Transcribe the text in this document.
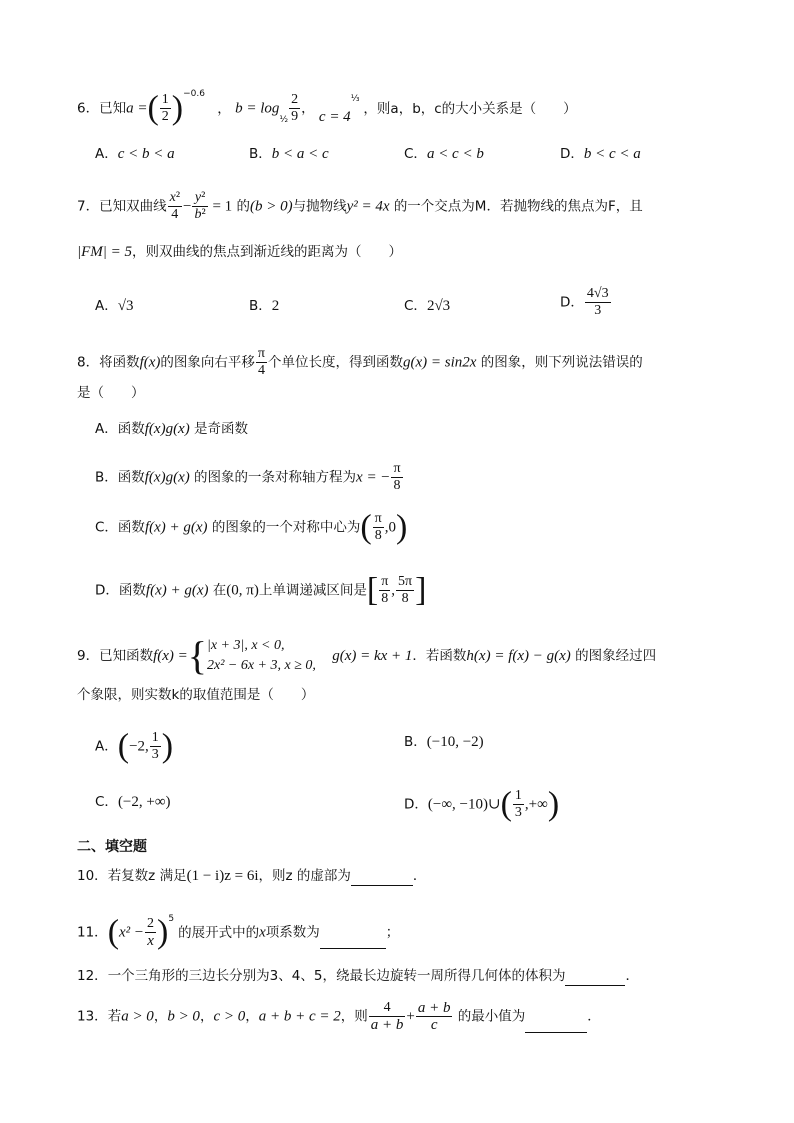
6．已知a =( $\frac{1}{2} )^{-0.6}$ ， $b = \log_{\frac{1}{2}} \frac{2}{9}$ ， $c = 4^{\frac{1}{3}}$，则a，b，c的大小关系是（　　）
A．c < b < a	B．b < a < c	C．a < c < b	D．b < c < a
7．已知双曲线 $\frac{\text{x²}}{4} - \frac{\text{y²}}{\text{b²}} = 1$ 的(b > 0)与抛物线y² = 4x 的一个交点为M．若抛物线的焦点为F，且
|FM| = 5，则双曲线的焦点到渐近线的距离为（　　）
A．√3	B．2	C．2√3	D． $\frac{4√3}{3}$
8．将函数f(x)的图象向右平移 $\frac{\pi}{4}$ 个单位长度，得到函数g(x) = sin2x 的图象，则下列说法错误的
是（　　）
A．函数f(x)g(x) 是奇函数
B．函数f(x)g(x) 的图象的一条对称轴方程为x = − $\frac{\pi}{8}$
C．函数f(x) + g(x) 的图象的一个对称中心为( $\frac{\pi}{8} ,0$)
D．函数f(x) + g(x) 在(0, π)上单调递减区间是[ $\frac{\pi}{8}$ , $\frac{5\pi}{8}$ ]
9．已知函数f(x) ={ |x + 3|, x < 0,
2x² − 6x + 3, x ≥ 0,
g(x) = kx + 1．若函数h(x) = f(x) − g(x) 的图象经过四
个象限，则实数k的取值范围是（　　）
A．(−2, $\frac{1}{3}$ )	B．(−10, −2)
C．(−2, +∞)	D．(−∞, −10)∪( $\frac{1}{3}$ ,+∞)
二、填空题
10．若复数z 满足(1 − i)z = 6i，则z 的虚部为	．
11．$(x^2 - \frac{2}{x} )^5$的展开式中的x项系数为	；
12．一个三角形的三边长分别为3、4、5，绕最长边旋转一周所得几何体的体积为	．
13．若a > 0，b > 0，c > 0，a + b + c = 2，则 $\frac{4}{a + b} + \frac{a + b}{c}$ 的最小值为	．
